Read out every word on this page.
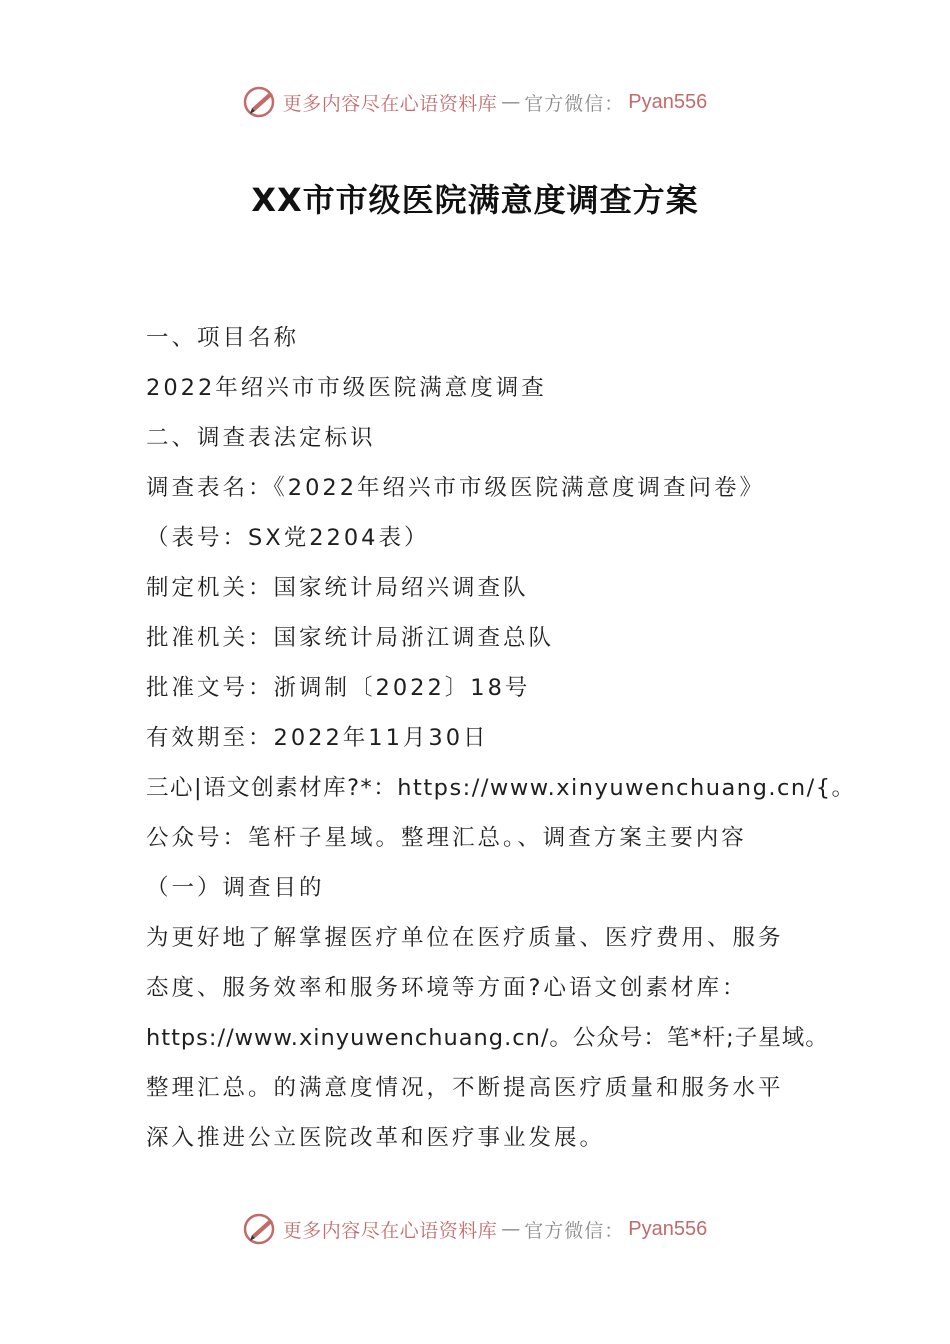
更多内容尽在心语资料库 — 官方微信： Pyan556
XX市市级医院满意度调查方案
一、项目名称
2022年绍兴市市级医院满意度调查
二、调查表法定标识
调查表名：《2022年绍兴市市级医院满意度调查问卷》
（表号：SX党2204表）
制定机关：国家统计局绍兴调查队
批准机关：国家统计局浙江调查总队
批准文号：浙调制〔2022〕18号
有效期至：2022年11月30日
三心|语文创素材库?*：https://www.xinyuwenchuang.cn/{。
公众号：笔杆子星域。整理汇总。、调查方案主要内容
（一）调查目的
为更好地了解掌握医疗单位在医疗质量、医疗费用、服务
态度、服务效率和服务环境等方面?心语文创素材库：
https://www.xinyuwenchuang.cn/。公众号：笔*杆;子星域。
整理汇总。的满意度情况，不断提高医疗质量和服务水平
深入推进公立医院改革和医疗事业发展。
更多内容尽在心语资料库 — 官方微信： Pyan556
